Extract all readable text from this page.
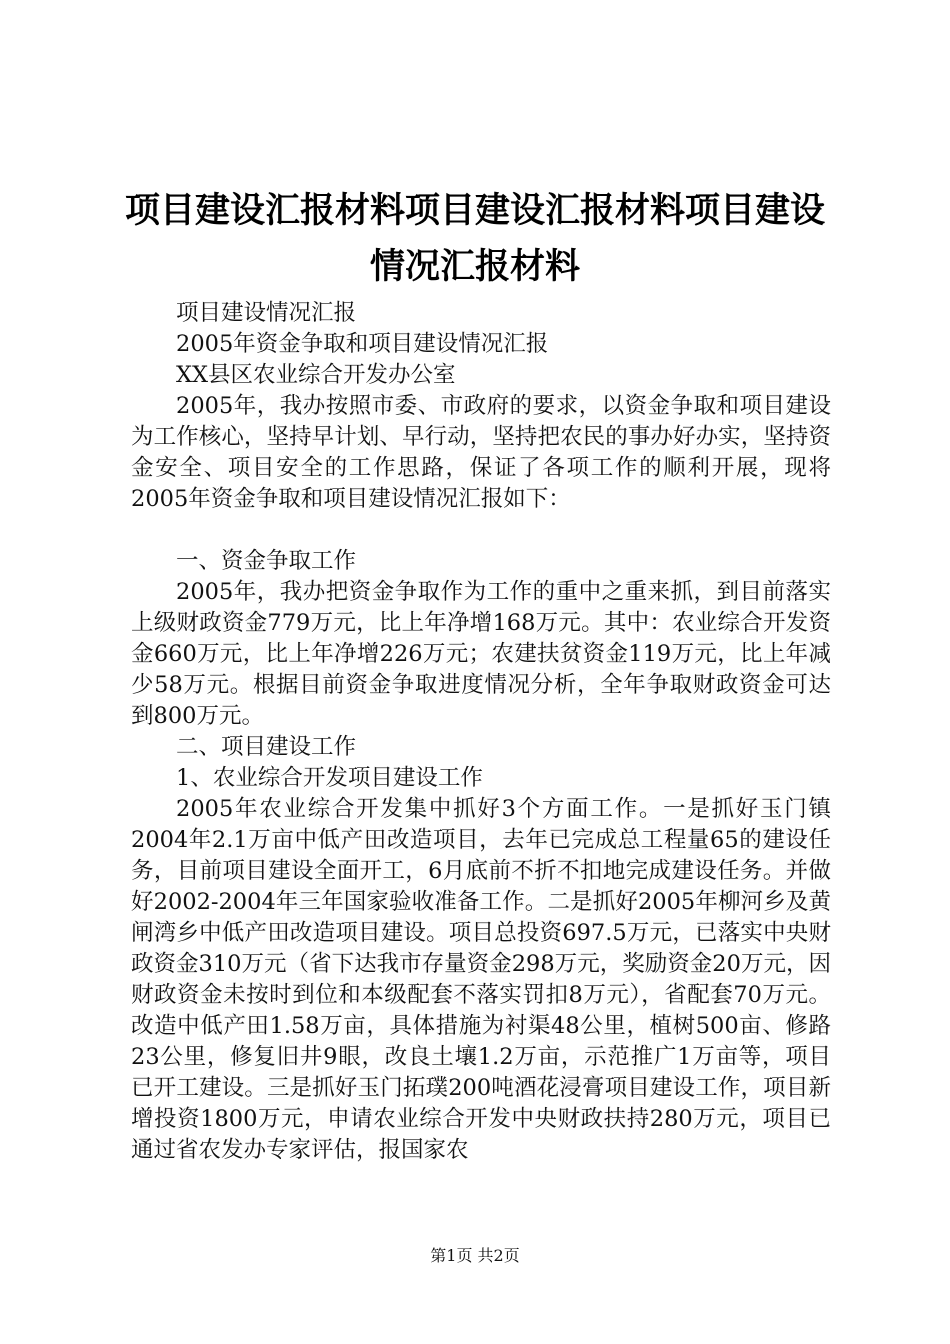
项目建设汇报材料项目建设汇报材料项目建设情况汇报材料

项目建设情况汇报

2005年资金争取和项目建设情况汇报

XX县区农业综合开发办公室

2005年，我办按照市委、市政府的要求，以资金争取和项目建设为工作核心，坚持早计划、早行动，坚持把农民的事办好办实，坚持资金安全、项目安全的工作思路，保证了各项工作的顺利开展，现将2005年资金争取和项目建设情况汇报如下：

一、资金争取工作

2005年，我办把资金争取作为工作的重中之重来抓，到目前落实上级财政资金779万元，比上年净增168万元。其中：农业综合开发资金660万元，比上年净增226万元；农建扶贫资金119万元，比上年减少58万元。根据目前资金争取进度情况分析，全年争取财政资金可达到800万元。

二、项目建设工作

1、农业综合开发项目建设工作

2005年农业综合开发集中抓好3个方面工作。一是抓好玉门镇2004年2.1万亩中低产田改造项目，去年已完成总工程量65的建设任务，目前项目建设全面开工，6月底前不折不扣地完成建设任务。并做好2002-2004年三年国家验收准备工作。二是抓好2005年柳河乡及黄闸湾乡中低产田改造项目建设。项目总投资697.5万元，已落实中央财政资金310万元（省下达我市存量资金298万元，奖励资金20万元，因财政资金未按时到位和本级配套不落实罚扣8万元），省配套70万元。改造中低产田1.58万亩，具体措施为衬渠48公里，植树500亩、修路23公里，修复旧井9眼，改良土壤1.2万亩，示范推广1万亩等，项目已开工建设。三是抓好玉门拓璞200吨酒花浸膏项目建设工作，项目新增投资1800万元，申请农业综合开发中央财政扶持280万元，项目已通过省农发办专家评估，报国家农

第1页 共2页
